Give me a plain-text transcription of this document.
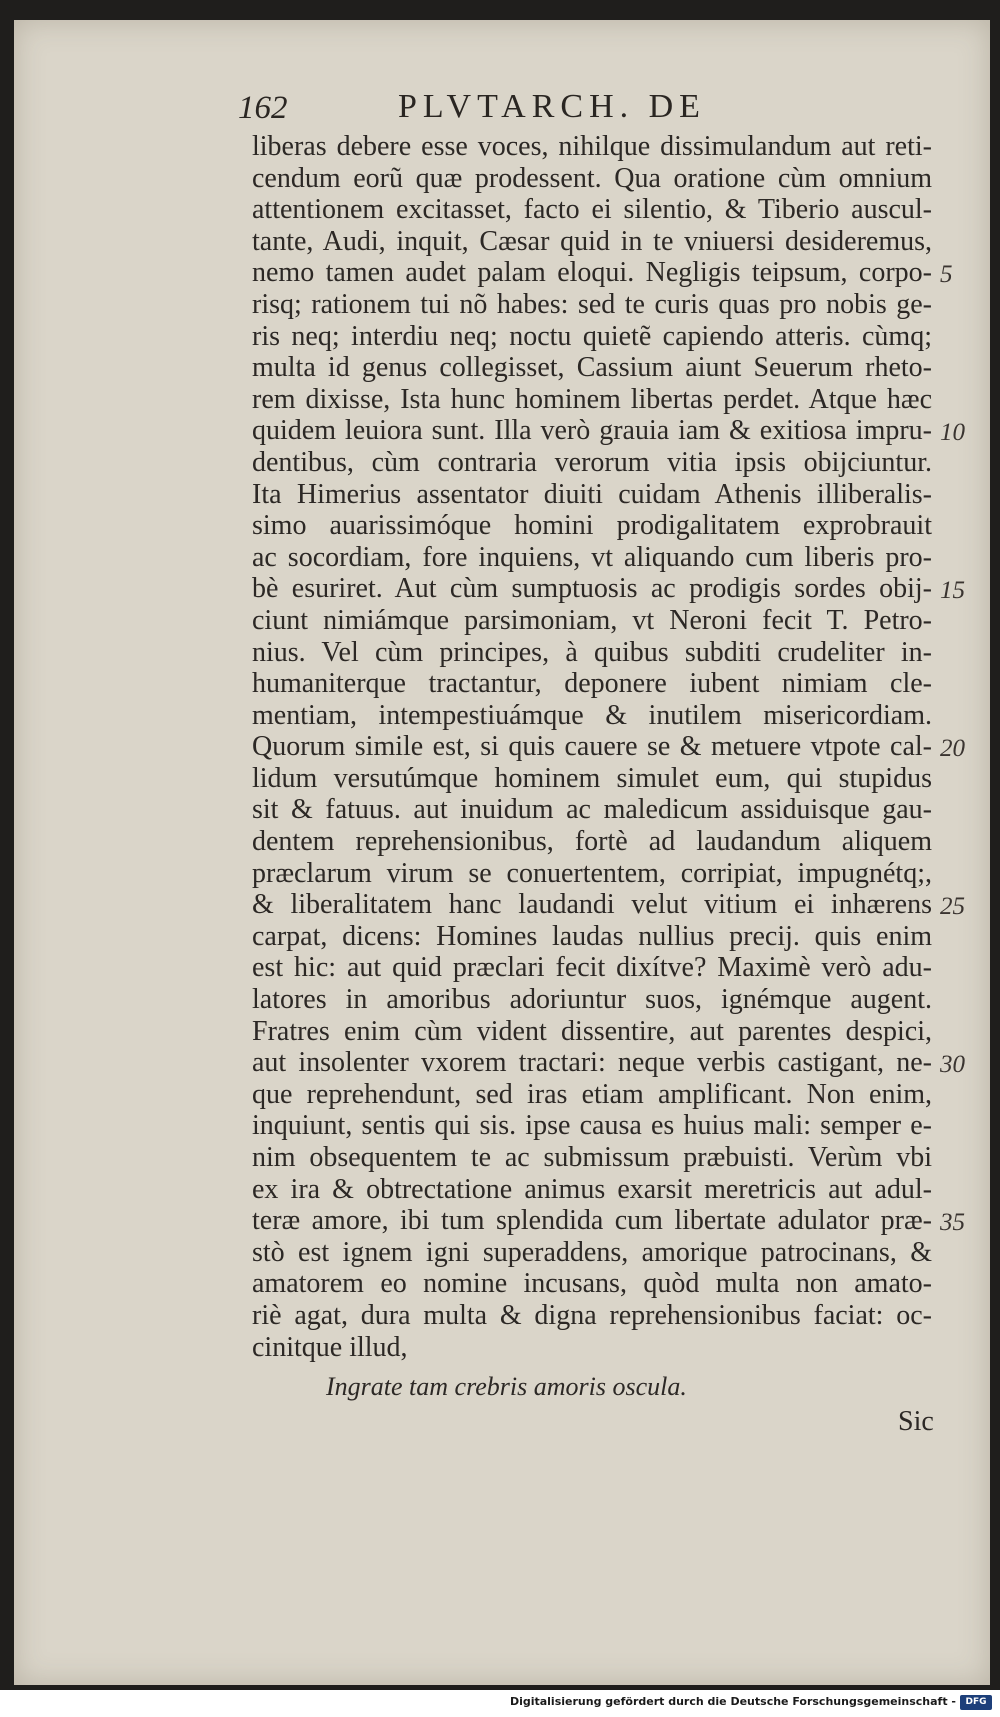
162	PLVTARCH. DE
liberas debere esse voces, nihilque dissimulandum aut reti-
cendum eorũ quæ prodessent. Qua oratione cùm omnium
attentionem excitasset, facto ei silentio, & Tiberio auscul-
tante, Audi, inquit, Cæsar quid in te vniuersi desideremus,
nemo tamen audet palam eloqui. Negligis teipsum, corpo-
risq; rationem tui nõ habes: sed te curis quas pro nobis ge-
ris neq; interdiu neq; noctu quietẽ capiendo atteris. cùmq;
multa id genus collegisset, Cassium aiunt Seuerum rheto-
rem dixisse, Ista hunc hominem libertas perdet. Atque hæc
quidem leuiora sunt. Illa verò grauia iam & exitiosa impru-
dentibus, cùm contraria verorum vitia ipsis obijciuntur.
Ita Himerius assentator diuiti cuidam Athenis illiberalis-
simo auarissimóque homini prodigalitatem exprobrauit
ac socordiam, fore inquiens, vt aliquando cum liberis pro-
bè esuriret. Aut cùm sumptuosis ac prodigis sordes obij-
ciunt nimiámque parsimoniam, vt Neroni fecit T. Petro-
nius. Vel cùm principes, à quibus subditi crudeliter in-
humaniterque tractantur, deponere iubent nimiam cle-
mentiam, intempestiuámque & inutilem misericordiam.
Quorum simile est, si quis cauere se & metuere vtpote cal-
lidum versutúmque hominem simulet eum, qui stupidus
sit & fatuus. aut inuidum ac maledicum assiduisque gau-
dentem reprehensionibus, fortè ad laudandum aliquem
præclarum virum se conuertentem, corripiat, impugnétq;,
& liberalitatem hanc laudandi velut vitium ei inhærens
carpat, dicens: Homines laudas nullius precij. quis enim
est hic: aut quid præclari fecit dixítve? Maximè verò adu-
latores in amoribus adoriuntur suos, ignémque augent.
Fratres enim cùm vident dissentire, aut parentes despici,
aut insolenter vxorem tractari: neque verbis castigant, ne-
que reprehendunt, sed iras etiam amplificant. Non enim,
inquiunt, sentis qui sis. ipse causa es huius mali: semper e-
nim obsequentem te ac submissum præbuisti. Verùm vbi
ex ira & obtrectatione animus exarsit meretricis aut adul-
teræ amore, ibi tum splendida cum libertate adulator præ-
stò est ignem igni superaddens, amorique patrocinans, &
amatorem eo nomine incusans, quòd multa non amato-
riè agat, dura multa & digna reprehensionibus faciat: oc-
cinitque illud,
Ingrate tam crebris amoris oscula.
Sic
5
10
15
20
25
30
35
Digitalisierung gefördert durch die Deutsche Forschungsgemeinschaft -	DFG
